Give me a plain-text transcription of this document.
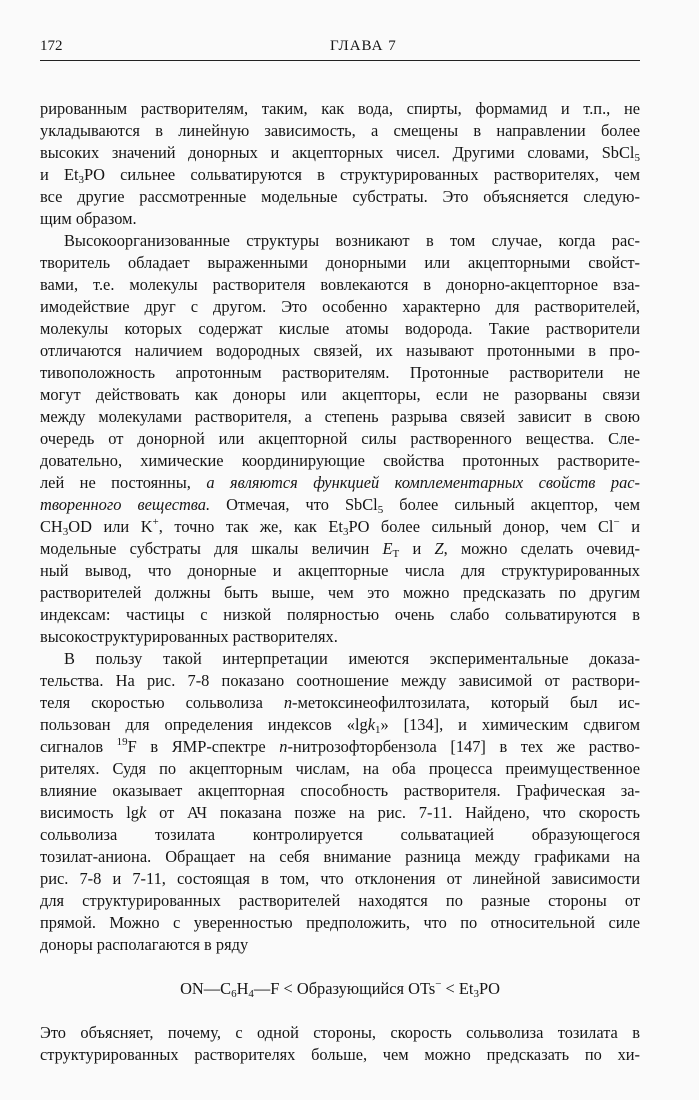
172	ГЛАВА 7
рированным растворителям, таким, как вода, спирты, формамид и т.п., не
укладываются в линейную зависимость, а смещены в направлении более
высоких значений донорных и акцепторных чисел. Другими словами, SbCl$_5$
и $Et_3PO$ сильнее сольватируются в структурированных растворителях, чем
все другие рассмотренные модельные субстраты. Это объясняется следую-
щим образом.
Высокоорганизованные структуры возникают в том случае, когда рас-
творитель обладает выраженными донорными или акцепторными свойст-
вами, т.е. молекулы растворителя вовлекаются в донорно-акцепторное вза-
имодействие друг с другом. Это особенно характерно для растворителей,
молекулы которых содержат кислые атомы водорода. Такие растворители
отличаются наличием водородных связей, их называют протонными в про-
тивоположность апротонным растворителям. Протонные растворители не
могут действовать как доноры или акцепторы, если не разорваны связи
между молекулами растворителя, а степень разрыва связей зависит в свою
очередь от донорной или акцепторной силы растворенного вещества. Сле-
довательно, химические координирующие свойства протонных растворите-
лей не постоянны, а являются функцией комплементарных свойств рас-
творенного вещества. Отмечая, что SbCl$_5$ более сильный акцептор, чем
$CH_3OD$ или K+, точно так же, как $Et_3PO$ более сильный донор, чем Cl− и
модельные субстраты для шкалы величин $E_T$ и Z, можно сделать очевид-
ный вывод, что донорные и акцепторные числа для структурированных
растворителей должны быть выше, чем это можно предсказать по другим
индексам: частицы с низкой полярностью очень слабо сольватируются в
высокоструктурированных растворителях.
В пользу такой интерпретации имеются экспериментальные доказа-
тельства. На рис. 7-8 показано соотношение между зависимой от раствори-
теля скоростью сольволиза n-метоксинеофилтозилата, который был ис-
пользован для определения индексов «lgk$_1$» [134], и химическим сдвигом
сигналов $^{19}$F в ЯМР-спектре n-нитрозофторбензола [147] в тех же раство-
рителях. Судя по акцепторным числам, на оба процесса преимущественное
влияние оказывает акцепторная способность растворителя. Графическая за-
висимость lgk от АЧ показана позже на рис. 7-11. Найдено, что скорость
сольволиза тозилата контролируется сольватацией образующегося
тозилат-аниона. Обращает на себя внимание разница между графиками на
рис. 7-8 и 7-11, состоящая в том, что отклонения от линейной зависимости
для структурированных растворителей находятся по разные стороны от
прямой. Можно с уверенностью предположить, что по относительной силе
доноры располагаются в ряду
$ON—C_6H_4—F$ < Образующийся $OTs^- < Et_3PO$
Это объясняет, почему, с одной стороны, скорость сольволиза тозилата в
структурированных растворителях больше, чем можно предсказать по хи-
